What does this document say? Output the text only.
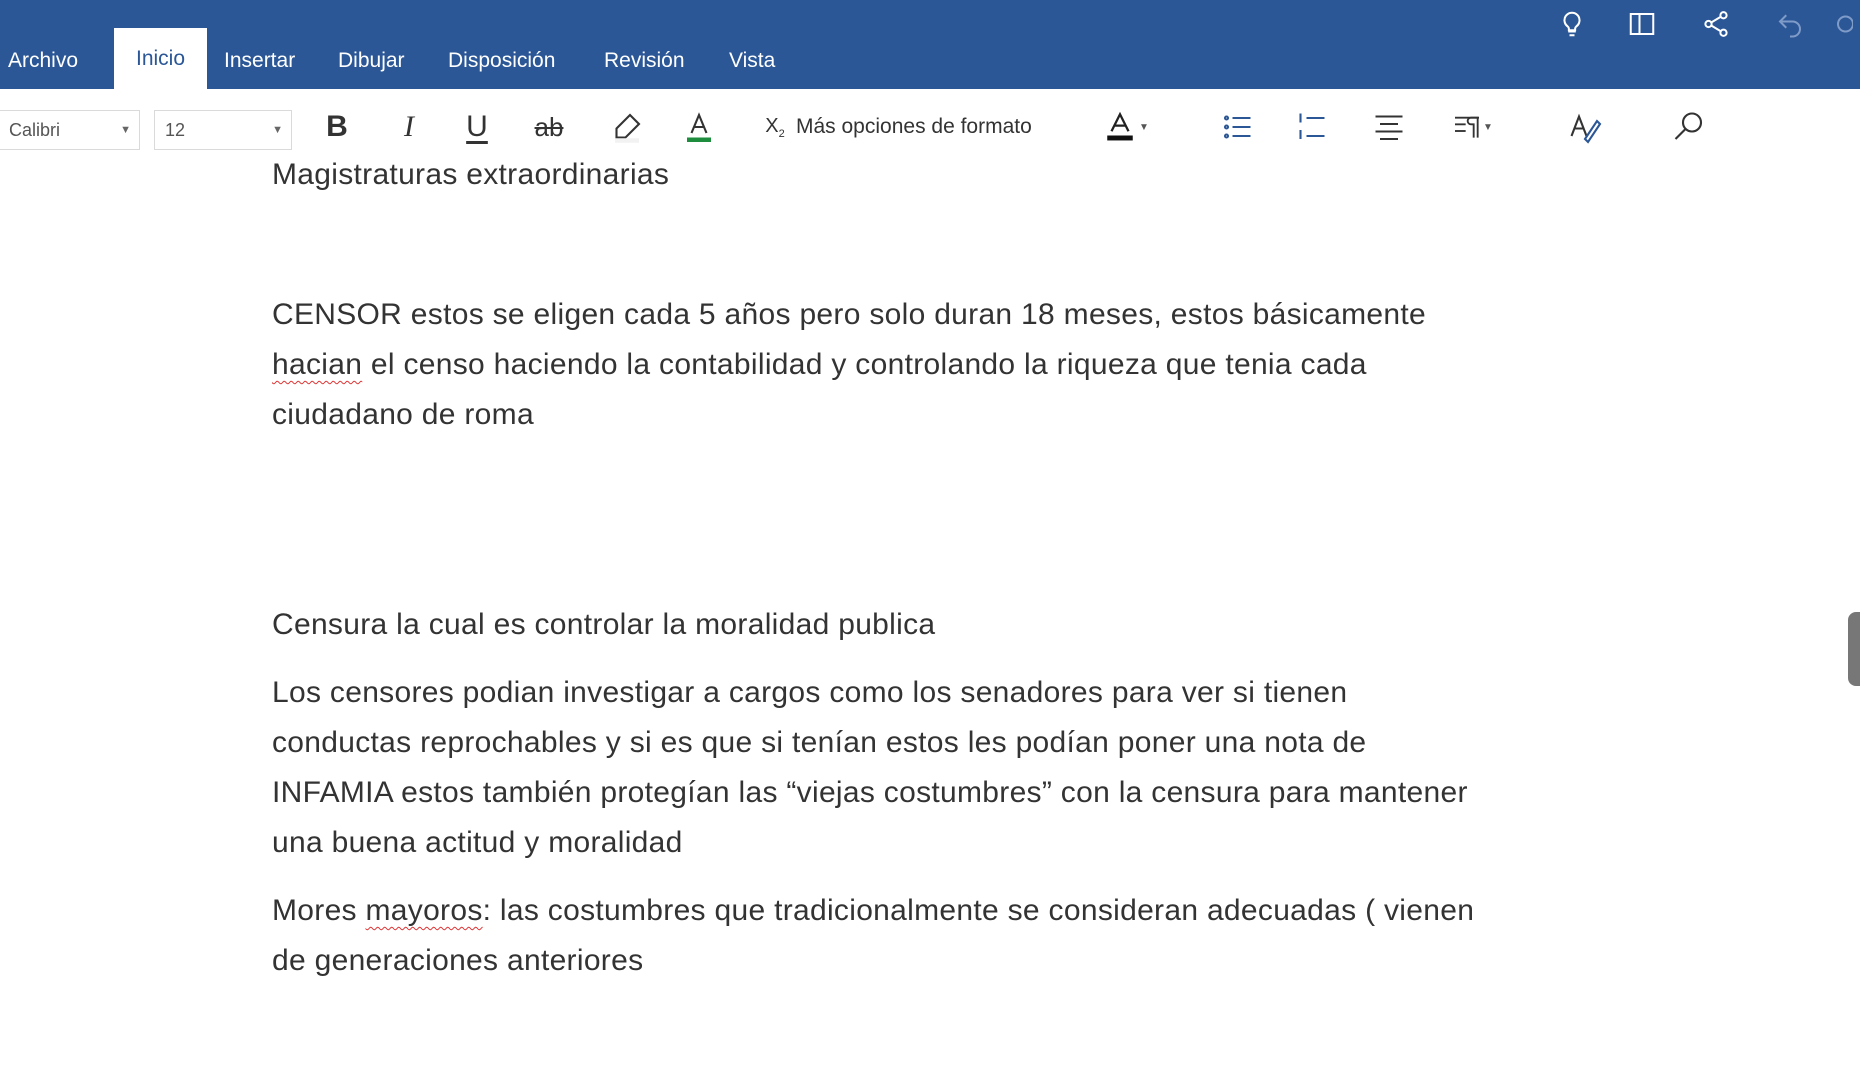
Archivo	Inicio	Insertar Dibujar Disposición Revisión Vista
Calibri	▼	12	▼ B I U ab	$X_2$ Más opciones de formato	▼	▼

Magistraturas extraordinarias

CENSOR estos se eligen cada 5 años pero solo duran 18 meses, estos básicamente

hacian el censo haciendo la contabilidad y controlando la riqueza que tenia cada

ciudadano de roma

Censura la cual es controlar la moralidad publica

Los censores podian investigar a cargos como los senadores para ver si tienen

conductas reprochables y si es que si tenían estos les podían poner una nota de

INFAMIA estos también protegían las “viejas costumbres” con la censura para mantener

una buena actitud y moralidad

Mores mayoros: las costumbres que tradicionalmente se consideran adecuadas ( vienen

de generaciones anteriores
